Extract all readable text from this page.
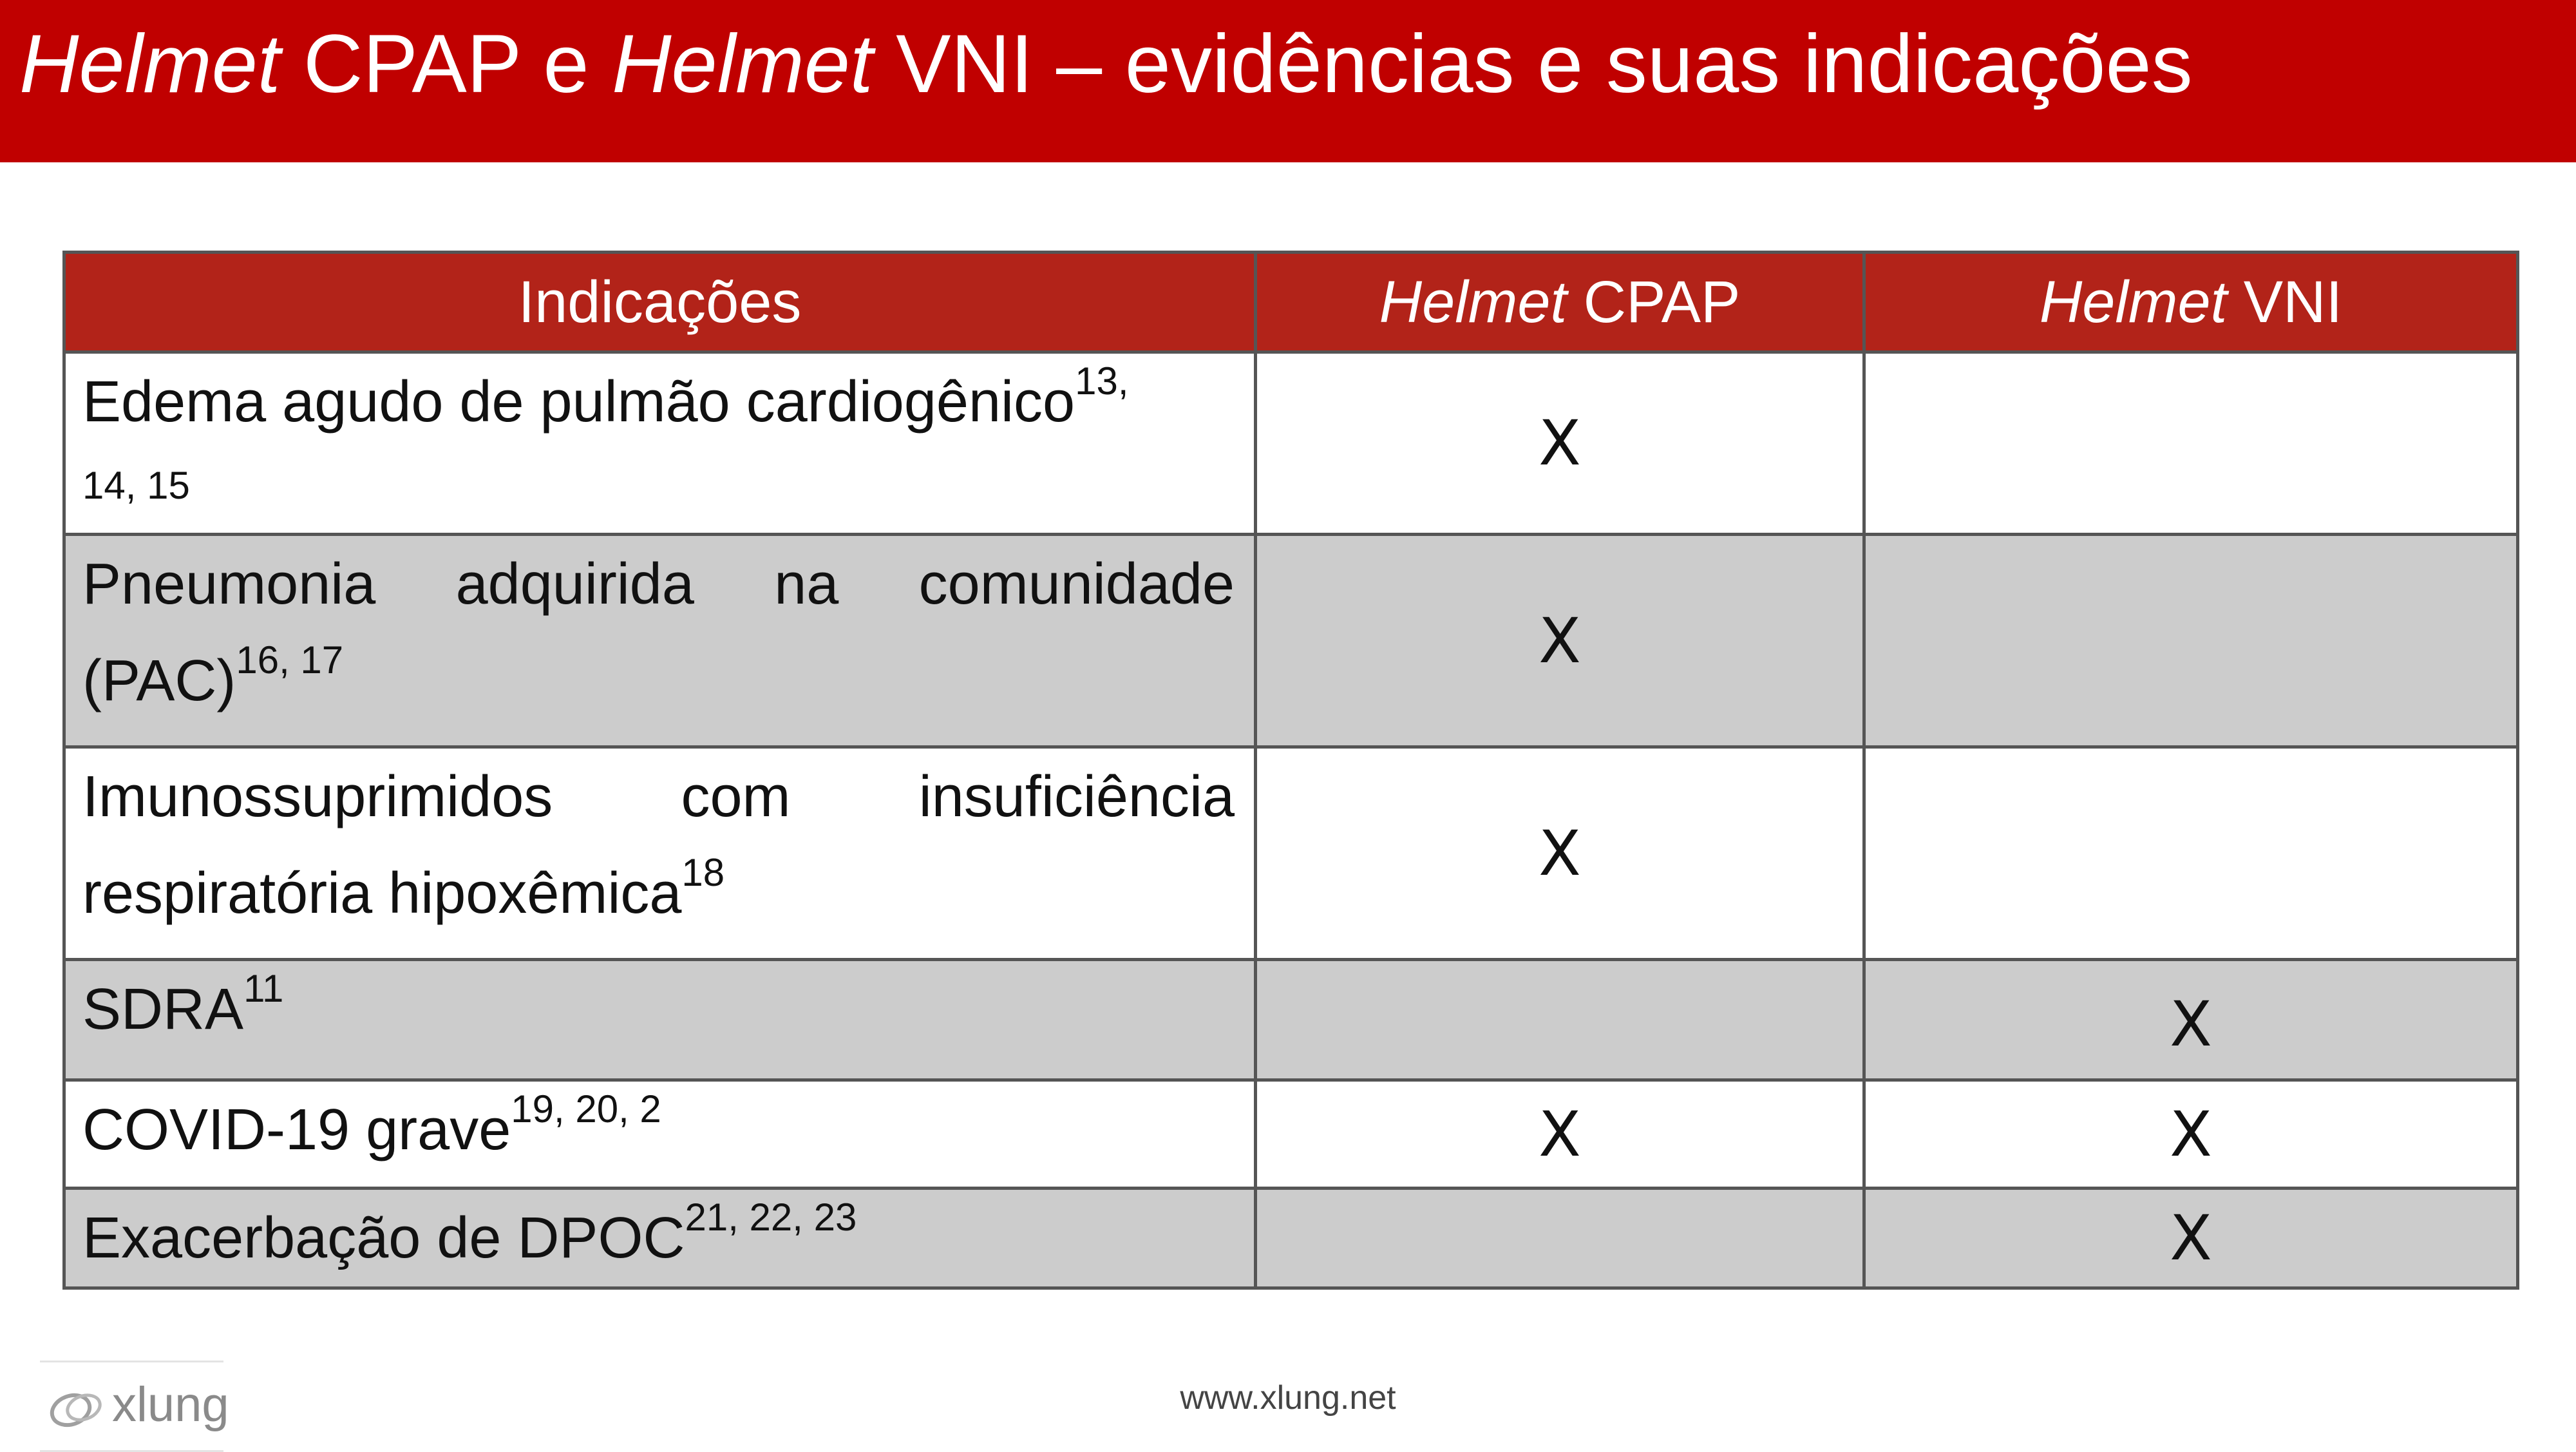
Helmet CPAP e Helmet VNI – evidências e suas indicações
Indicações	Helmet CPAP	Helmet VNI
Edema agudo de pulmão cardiogênico$^{13,}$
14, 15	X	
Pneumonia adquirida na comunidade (PAC)$^{16, 17}$	X	
Imunossuprimidos com insuficiência respiratória hipoxêmica$^{18}$	X	
SDRA$^{11}$		X
COVID-19 grave$^{19, 20, 2}$	X	X
Exacerbação de DPOC$^{21, 22, 23}$		X
xlung	www.xlung.net
